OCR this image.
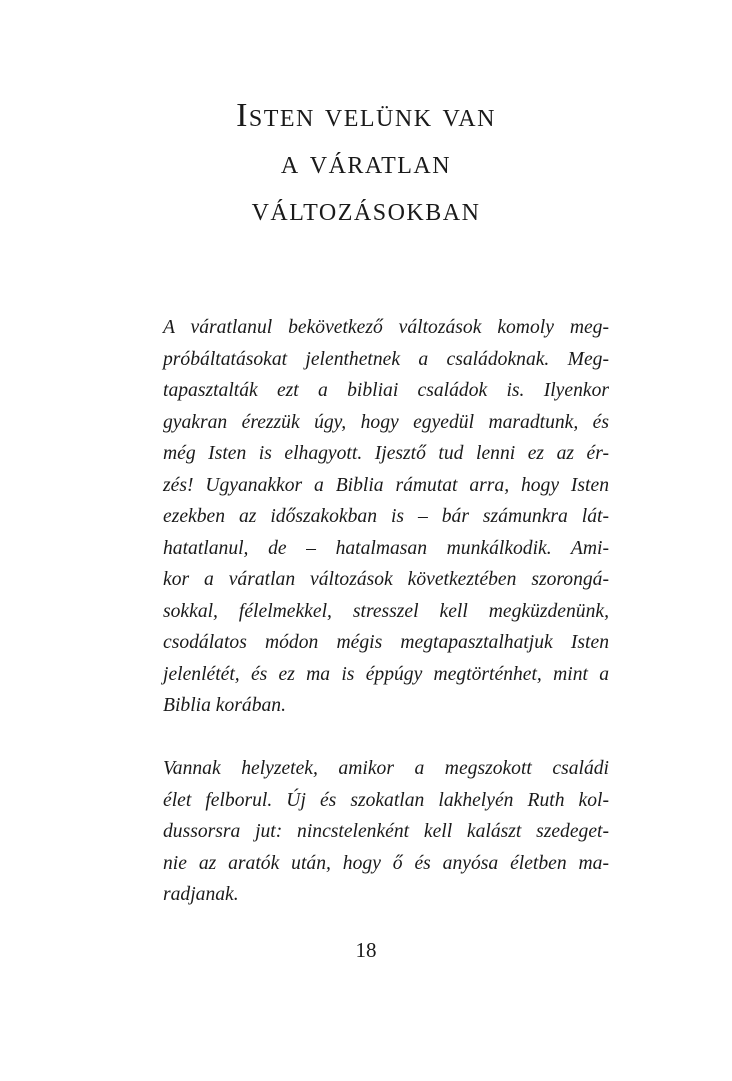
Isten velünk van
a váratlan
változásokban

A váratlanul bekövetkező változások komoly meg-
próbáltatásokat jelenthetnek a családoknak. Meg-
tapasztalták ezt a bibliai családok is. Ilyenkor
gyakran érezzük úgy, hogy egyedül maradtunk, és
még Isten is elhagyott. Ijesztő tud lenni ez az ér-
zés! Ugyanakkor a Biblia rámutat arra, hogy Isten
ezekben az időszakokban is – bár számunkra lát-
hatatlanul, de – hatalmasan munkálkodik. Ami-
kor a váratlan változások következtében szorongá-
sokkal, félelmekkel, stresszel kell megküzdenünk,
csodálatos módon mégis megtapasztalhatjuk Isten
jelenlétét, és ez ma is éppúgy megtörténhet, mint a
Biblia korában.

Vannak helyzetek, amikor a megszokott családi
élet felborul. Új és szokatlan lakhelyén Ruth kol-
dussorsra jut: nincstelenként kell kalászt szedeget-
nie az aratók után, hogy ő és anyósa életben ma-
radjanak.

18
